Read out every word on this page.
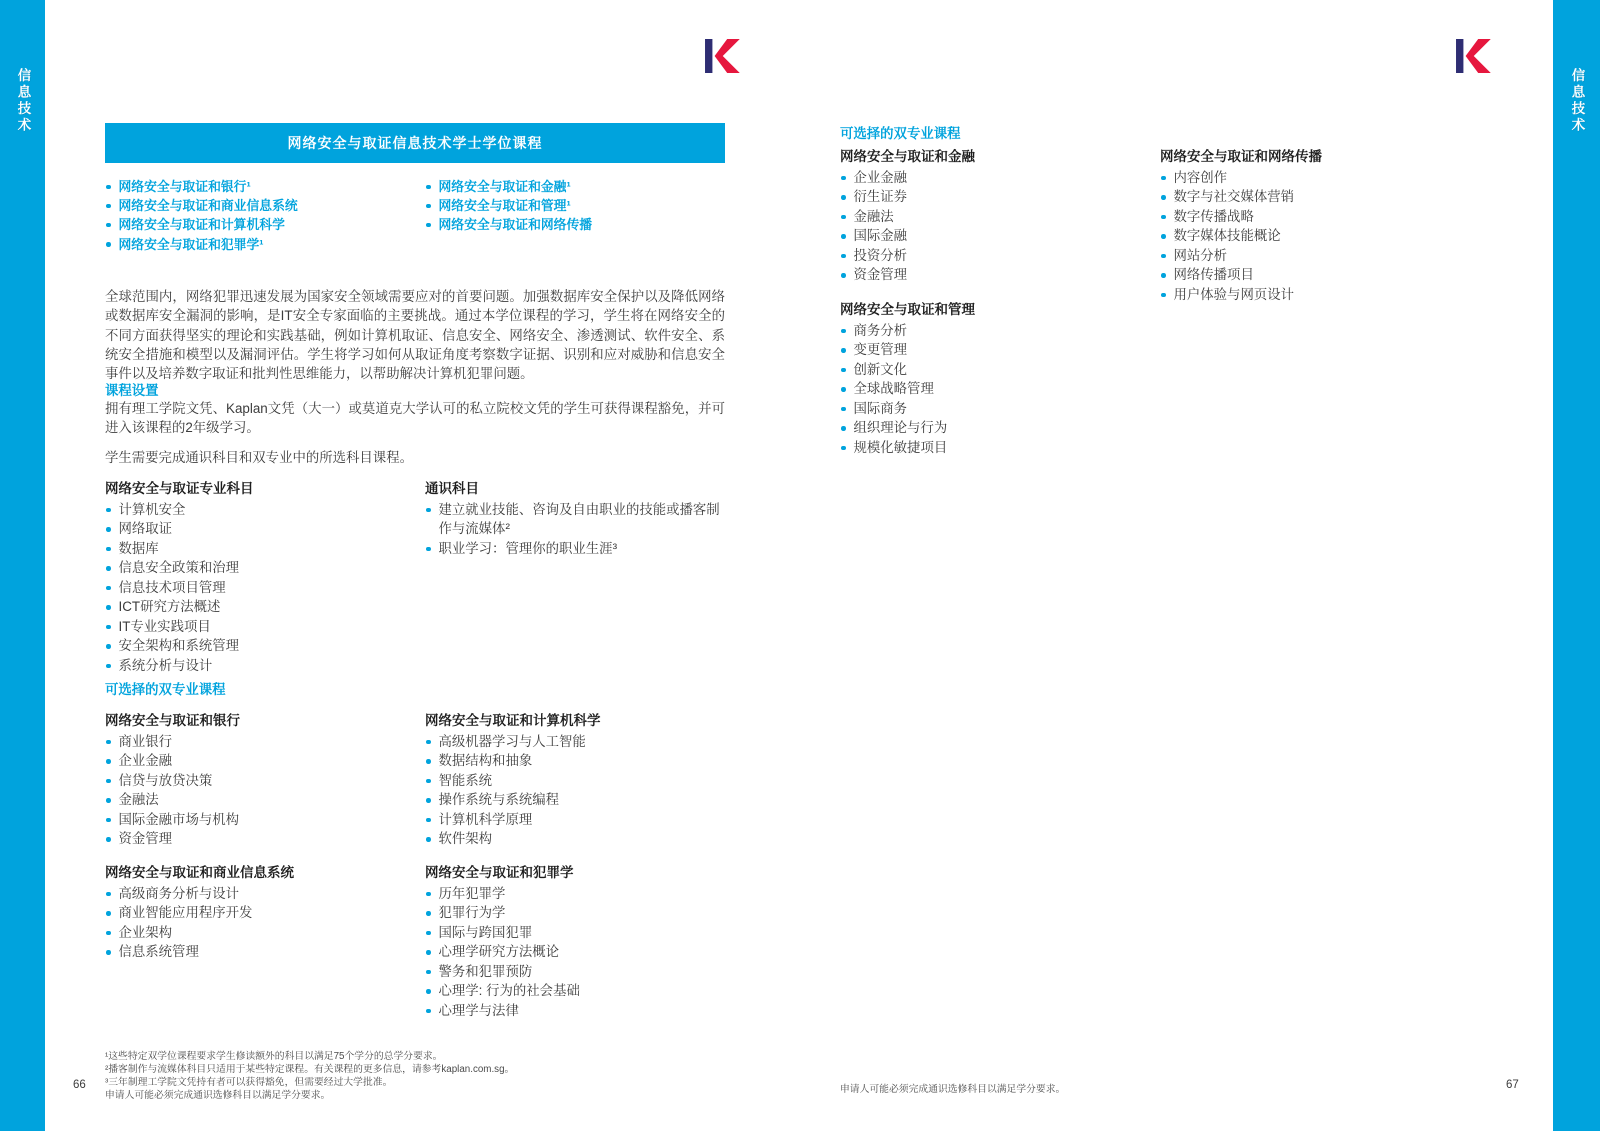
信息技术	信息技术
网络安全与取证信息技术学士学位课程
网络安全与取证和银行¹
网络安全与取证和商业信息系统
网络安全与取证和计算机科学
网络安全与取证和犯罪学¹
网络安全与取证和金融¹
网络安全与取证和管理¹
网络安全与取证和网络传播
全球范围内，网络犯罪迅速发展为国家安全领域需要应对的首要问题。加强数据库安全保护以及降低网络或数据库安全漏洞的影响，是IT安全专家面临的主要挑战。通过本学位课程的学习，学生将在网络安全的不同方面获得坚实的理论和实践基础，例如计算机取证、信息安全、网络安全、渗透测试、软件安全、系统安全措施和模型以及漏洞评估。学生将学习如何从取证角度考察数字证据、识别和应对威胁和信息安全事件以及培养数字取证和批判性思维能力，以帮助解决计算机犯罪问题。
课程设置
拥有理工学院文凭、Kaplan文凭（大一）或莫道克大学认可的私立院校文凭的学生可获得课程豁免，并可进入该课程的2年级学习。
学生需要完成通识科目和双专业中的所选科目课程。
网络安全与取证专业科目
计算机安全
网络取证
数据库
信息安全政策和治理
信息技术项目管理
ICT研究方法概述
IT专业实践项目
安全架构和系统管理
系统分析与设计
通识科目
建立就业技能、咨询及自由职业的技能或播客制作与流媒体²
职业学习：管理你的职业生涯³
可选择的双专业课程
网络安全与取证和银行
商业银行
企业金融
信贷与放贷决策
金融法
国际金融市场与机构
资金管理
网络安全与取证和计算机科学
高级机器学习与人工智能
数据结构和抽象
智能系统
操作系统与系统编程
计算机科学原理
软件架构
网络安全与取证和商业信息系统
高级商务分析与设计
商业智能应用程序开发
企业架构
信息系统管理
网络安全与取证和犯罪学
历年犯罪学
犯罪行为学
国际与跨国犯罪
心理学研究方法概论
警务和犯罪预防
心理学: 行为的社会基础
心理学与法律
¹这些特定双学位课程要求学生修读额外的科目以满足75个学分的总学分要求。
²播客制作与流媒体科目只适用于某些特定课程。有关课程的更多信息，请参考kaplan.com.sg。
³三年制理工学院文凭持有者可以获得豁免，但需要经过大学批准。
申请人可能必须完成通识选修科目以满足学分要求。
可选择的双专业课程
网络安全与取证和金融
企业金融
衍生证券
金融法
国际金融
投资分析
资金管理
网络安全与取证和网络传播
内容创作
数字与社交媒体营销
数字传播战略
数字媒体技能概论
网站分析
网络传播项目
用户体验与网页设计
网络安全与取证和管理
商务分析
变更管理
创新文化
全球战略管理
国际商务
组织理论与行为
规模化敏捷项目
申请人可能必须完成通识选修科目以满足学分要求。
66	67
